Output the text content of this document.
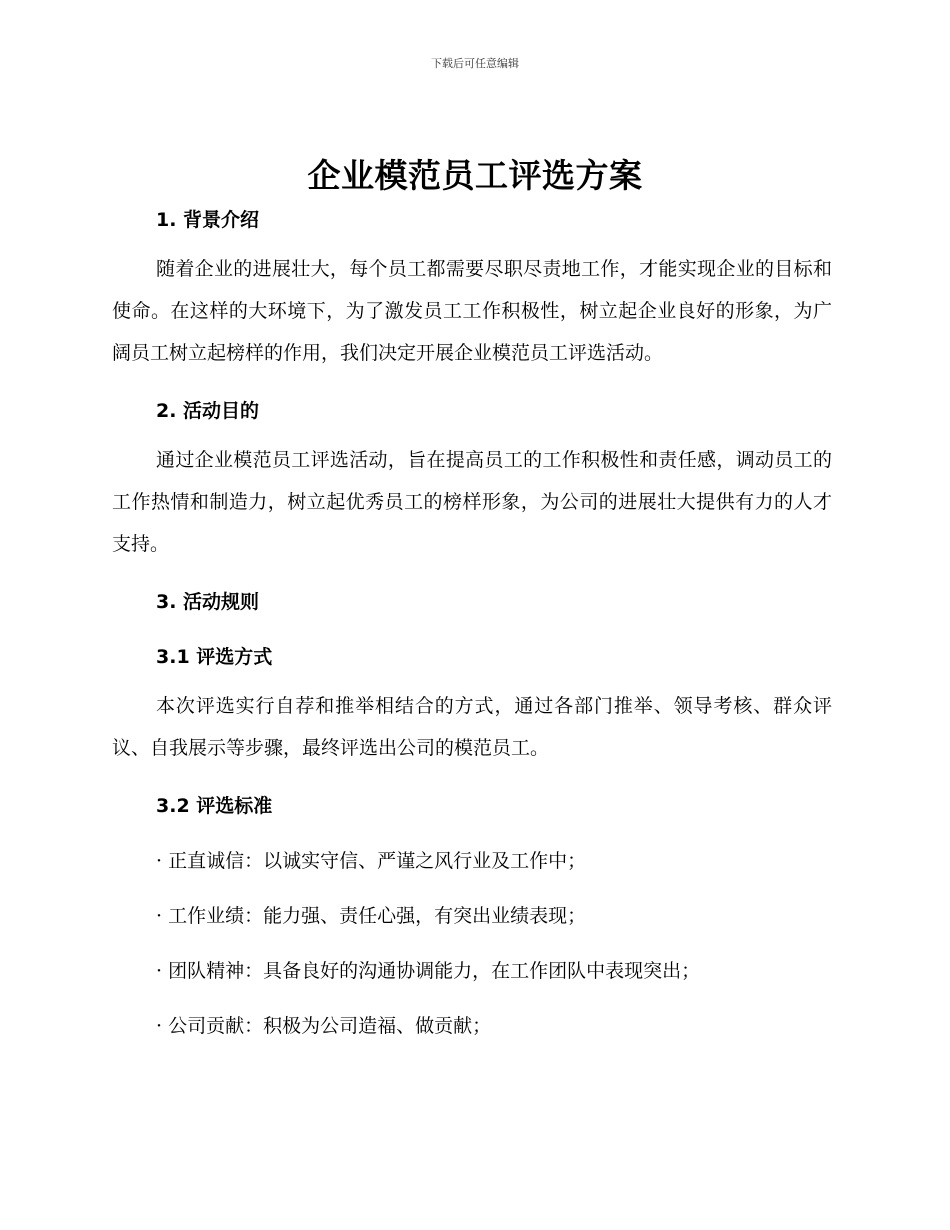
下载后可任意编辑
企业模范员工评选方案

1. 背景介绍

随着企业的进展壮大，每个员工都需要尽职尽责地工作，才能实现企业的目标和使命。在这样的大环境下，为了激发员工工作积极性，树立起企业良好的形象，为广阔员工树立起榜样的作用，我们决定开展企业模范员工评选活动。

2. 活动目的

通过企业模范员工评选活动，旨在提高员工的工作积极性和责任感，调动员工的工作热情和制造力，树立起优秀员工的榜样形象，为公司的进展壮大提供有力的人才支持。

3. 活动规则

3.1 评选方式

本次评选实行自荐和推举相结合的方式，通过各部门推举、领导考核、群众评议、自我展示等步骤，最终评选出公司的模范员工。

3.2 评选标准

· 正直诚信：以诚实守信、严谨之风行业及工作中；

· 工作业绩：能力强、责任心强，有突出业绩表现；

· 团队精神：具备良好的沟通协调能力，在工作团队中表现突出；

· 公司贡献：积极为公司造福、做贡献；
